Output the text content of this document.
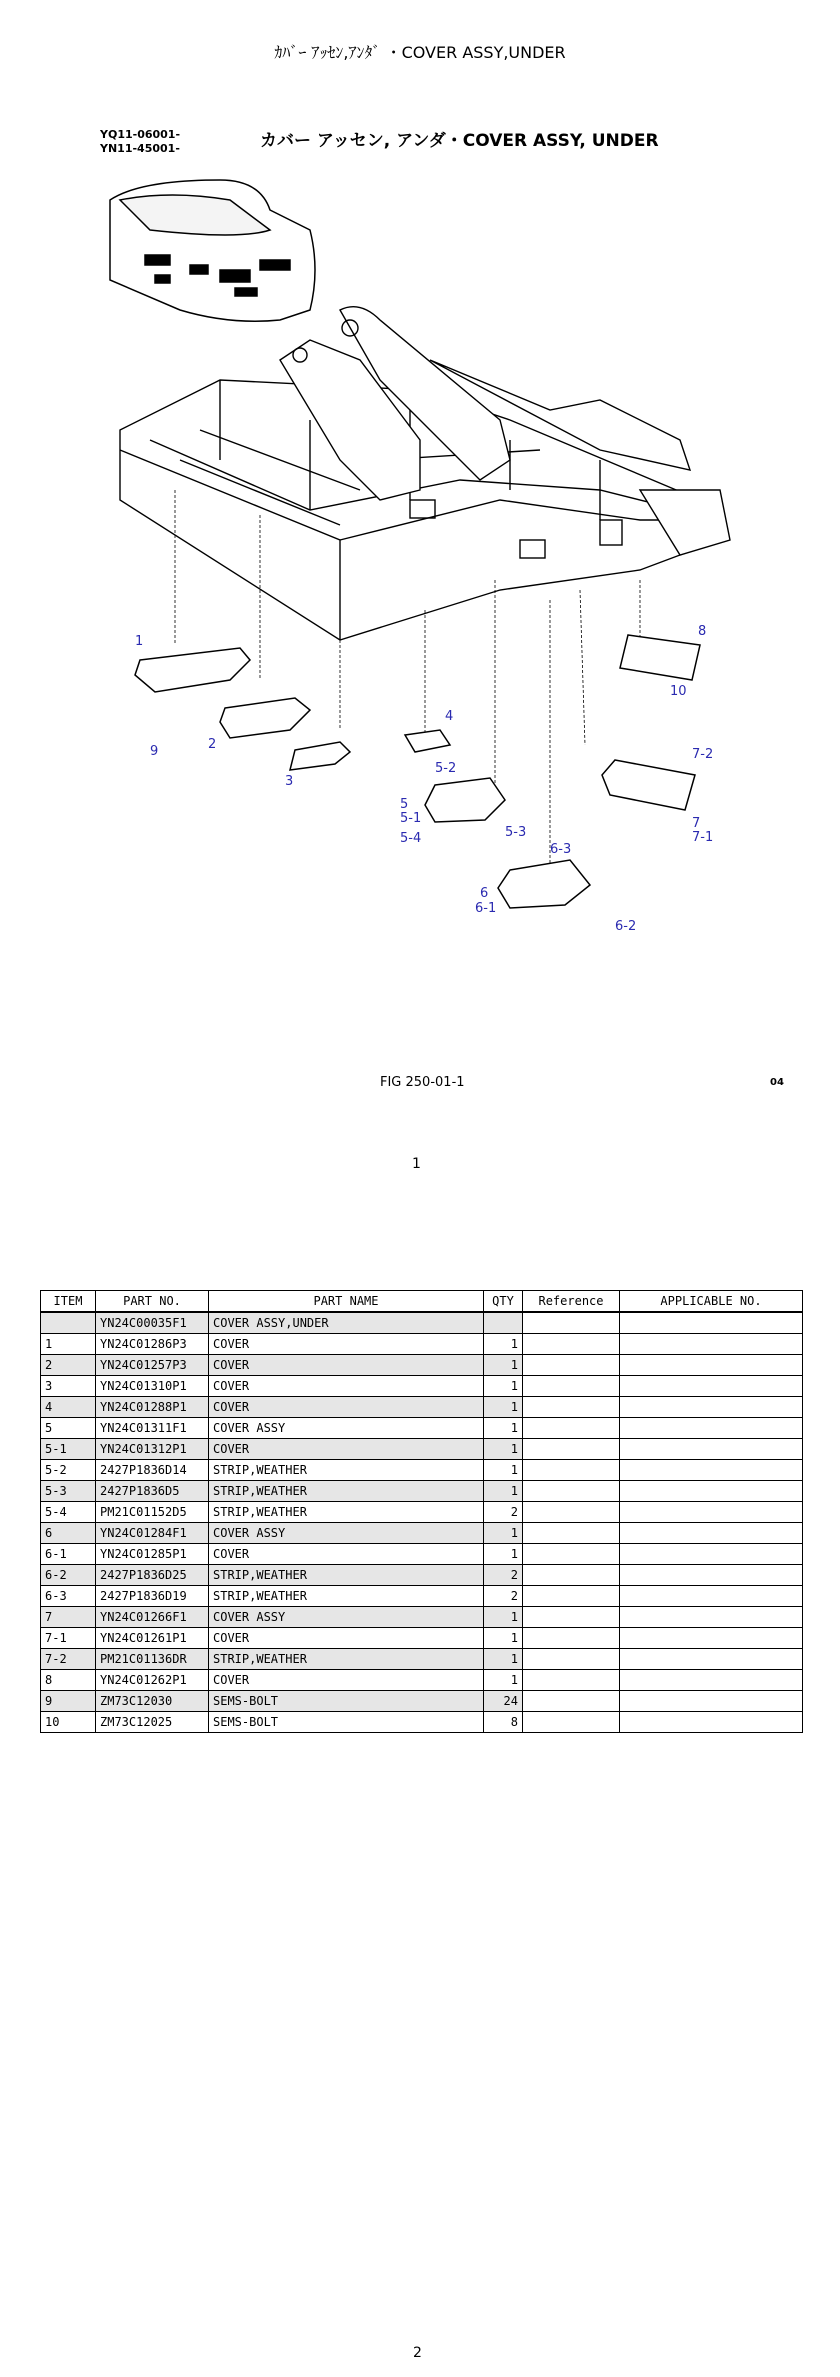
ｶﾊﾞｰ ｱｯｾﾝ,ｱﾝﾀﾞ ・COVER ASSY,UNDER
YQ11-06001-
YN11-45001-	カバー アッセン, アンダ・COVER ASSY, UNDER
1
2
3
4
5
5-1
5-2
5-3
5-4
6
6-1
6-2
6-3
7
7-1
7-2
8
9
10
FIG 250-01-1	04
1
ITEM	PART NO.	PART NAME	QTY	Reference	APPLICABLE NO.
	YN24C00035F1	COVER ASSY,UNDER			
1	YN24C01286P3	COVER	1		
2	YN24C01257P3	COVER	1		
3	YN24C01310P1	COVER	1		
4	YN24C01288P1	COVER	1		
5	YN24C01311F1	COVER ASSY	1		
5-1	YN24C01312P1	COVER	1		
5-2	2427P1836D14	STRIP,WEATHER	1		
5-3	2427P1836D5	STRIP,WEATHER	1		
5-4	PM21C01152D5	STRIP,WEATHER	2		
6	YN24C01284F1	COVER ASSY	1		
6-1	YN24C01285P1	COVER	1		
6-2	2427P1836D25	STRIP,WEATHER	2		
6-3	2427P1836D19	STRIP,WEATHER	2		
7	YN24C01266F1	COVER ASSY	1		
7-1	YN24C01261P1	COVER	1		
7-2	PM21C01136DR	STRIP,WEATHER	1		
8	YN24C01262P1	COVER	1		
9	ZM73C12030	SEMS-BOLT	24		
10	ZM73C12025	SEMS-BOLT	8		
2
